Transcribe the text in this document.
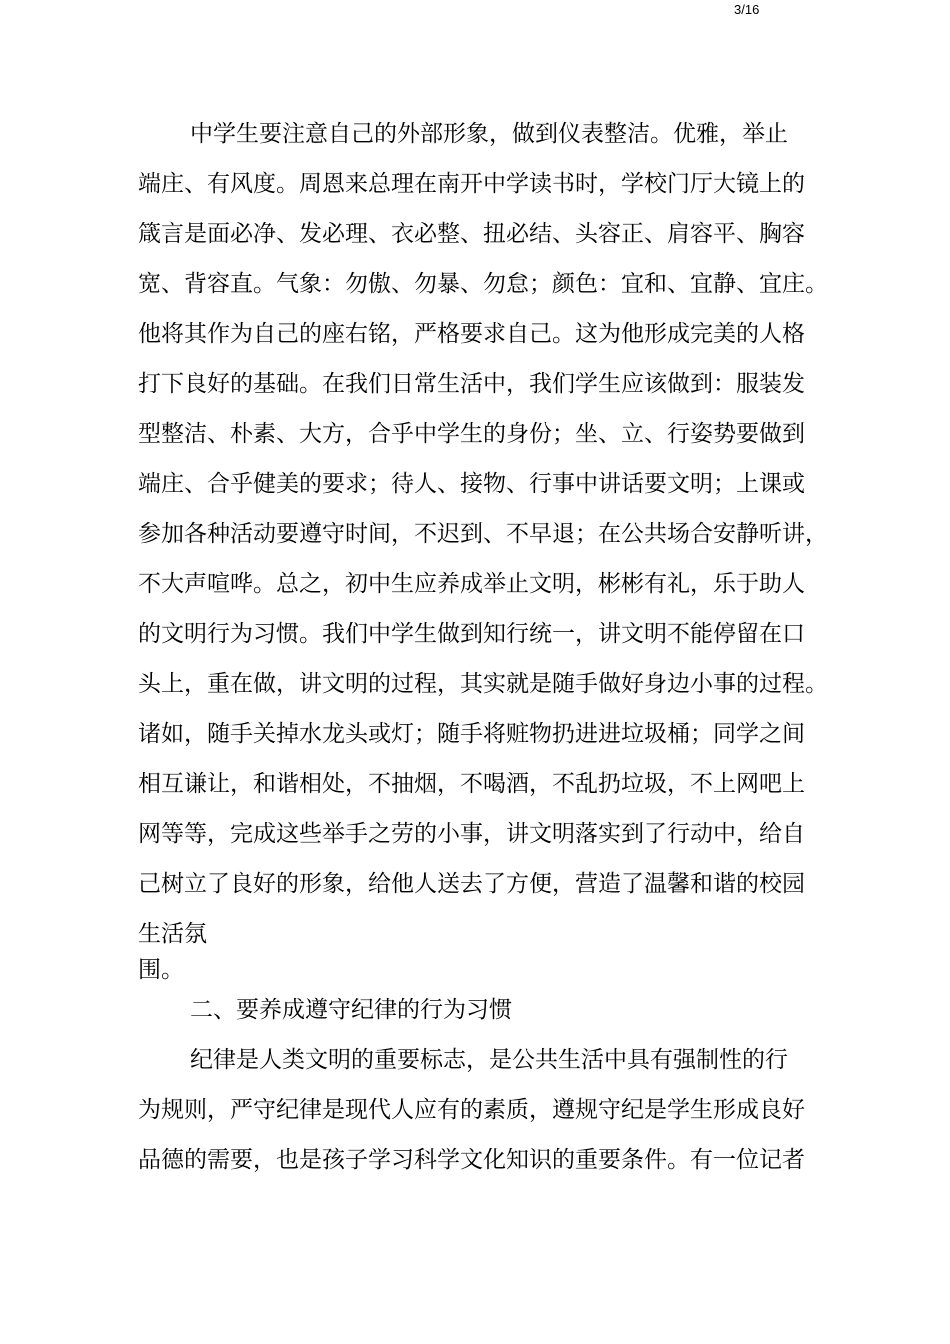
3/16
中学生要注意自己的外部形象，做到仪表整洁。优雅，举止
端庄、有风度。周恩来总理在南开中学读书时，学校门厅大镜上的
箴言是面必净、发必理、衣必整、扭必结、头容正、肩容平、胸容
宽、背容直。气象：勿傲、勿暴、勿怠；颜色：宜和、宜静、宜庄。
他将其作为自己的座右铭，严格要求自己。这为他形成完美的人格
打下良好的基础。在我们日常生活中，我们学生应该做到：服装发
型整洁、朴素、大方，合乎中学生的身份；坐、立、行姿势要做到
端庄、合乎健美的要求；待人、接物、行事中讲话要文明；上课或
参加各种活动要遵守时间，不迟到、不早退；在公共场合安静听讲，
不大声喧哗。总之，初中生应养成举止文明，彬彬有礼，乐于助人
的文明行为习惯。我们中学生做到知行统一，讲文明不能停留在口
头上，重在做，讲文明的过程，其实就是随手做好身边小事的过程。
诸如，随手关掉水龙头或灯；随手将赃物扔进进垃圾桶；同学之间
相互谦让，和谐相处，不抽烟，不喝酒，不乱扔垃圾，不上网吧上
网等等，完成这些举手之劳的小事，讲文明落实到了行动中，给自
己树立了良好的形象，给他人送去了方便，营造了温馨和谐的校园
生活氛
围。
二、要养成遵守纪律的行为习惯
纪律是人类文明的重要标志，是公共生活中具有强制性的行
为规则，严守纪律是现代人应有的素质，遵规守纪是学生形成良好
品德的需要，也是孩子学习科学文化知识的重要条件。有一位记者
